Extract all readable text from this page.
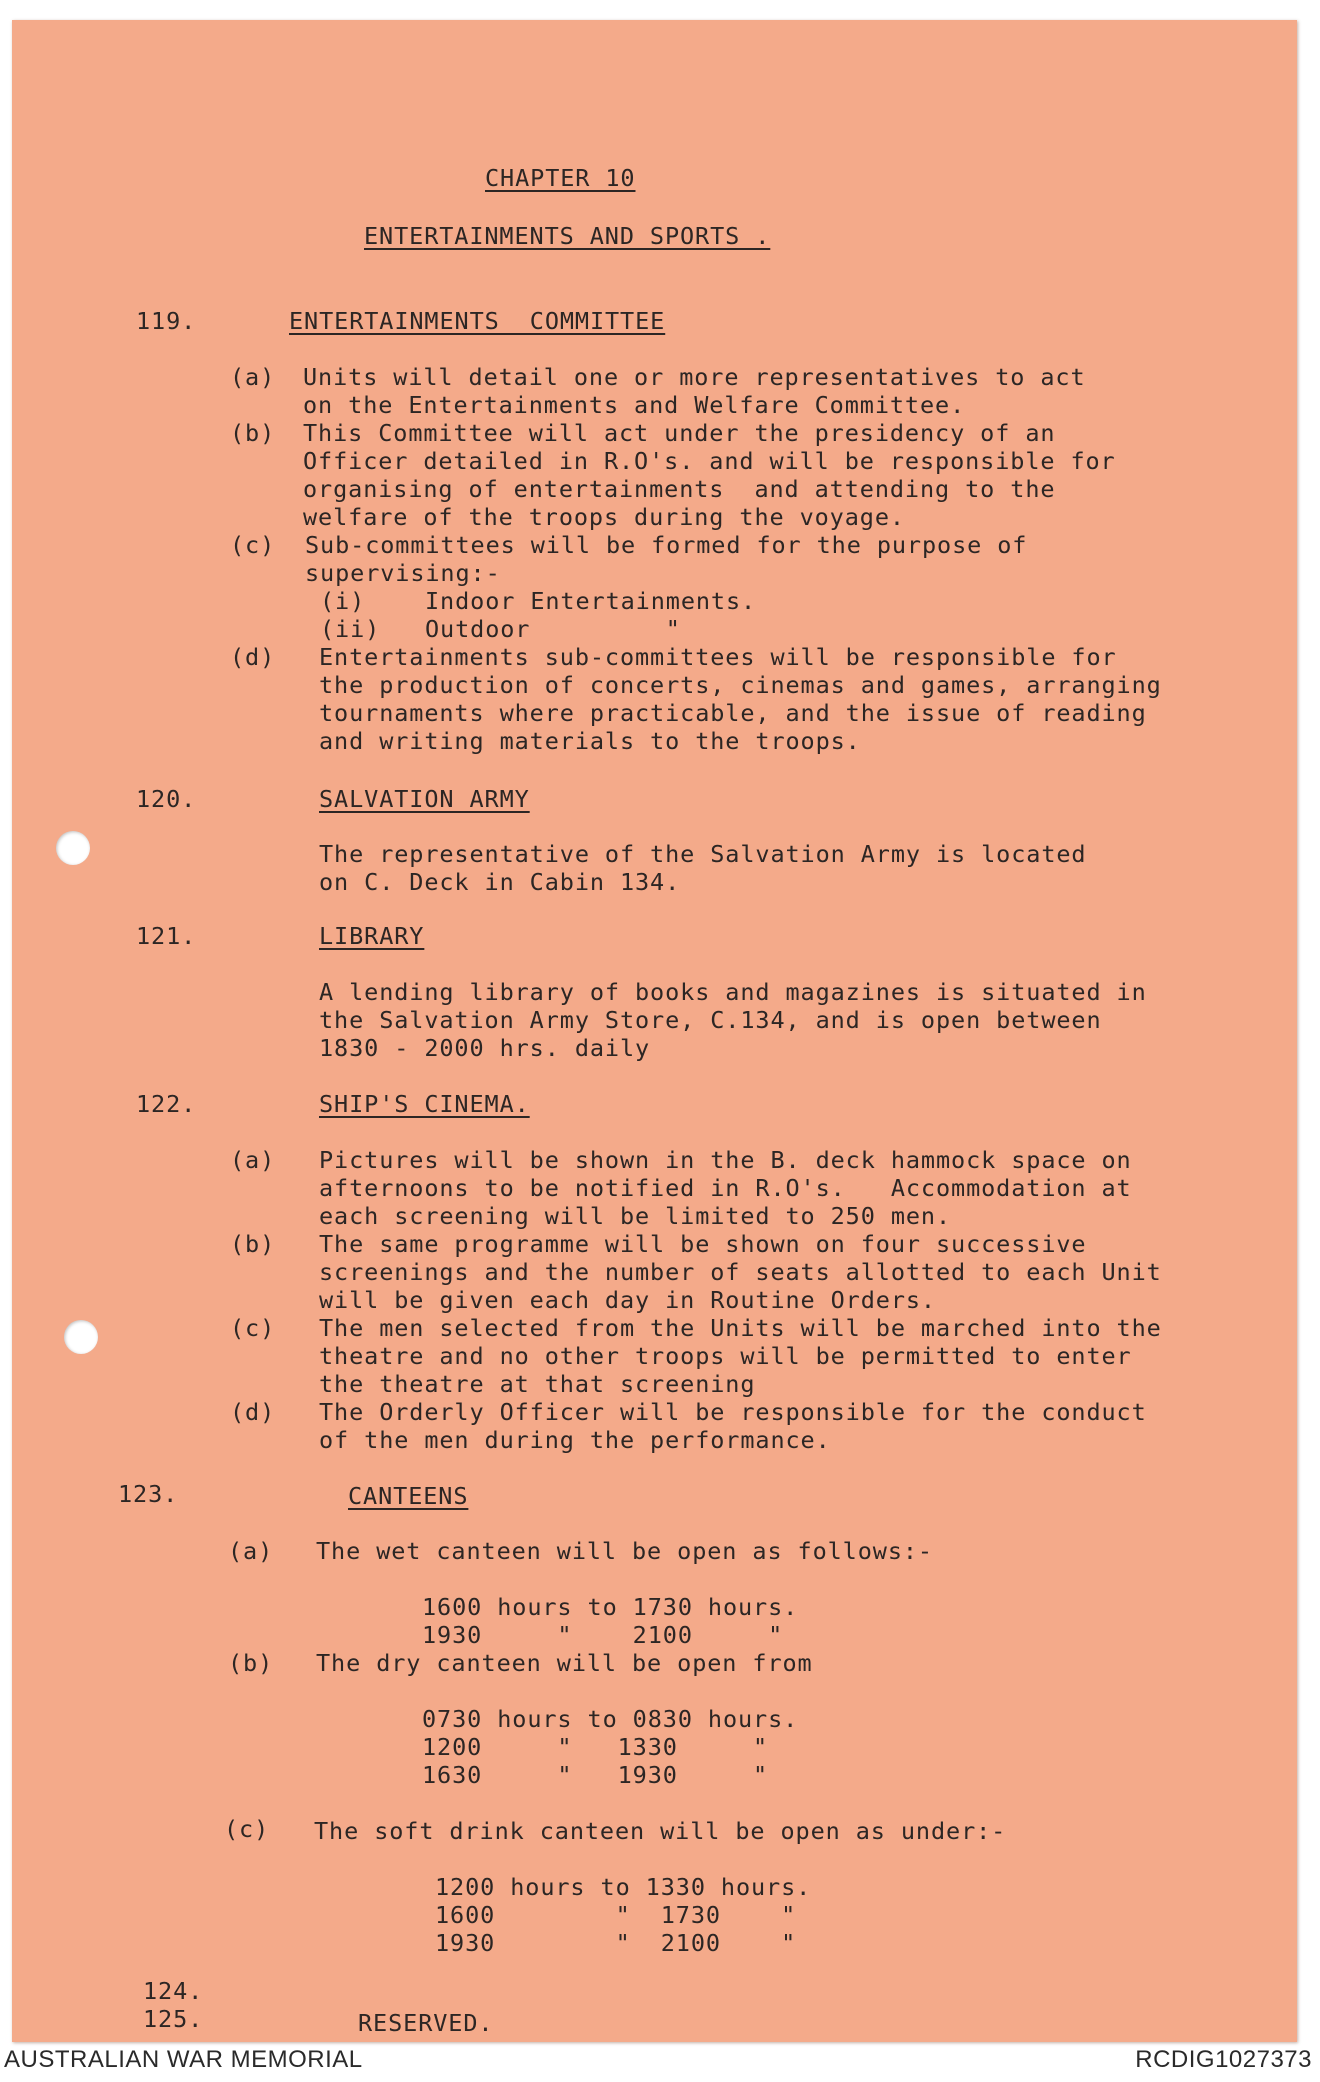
CHAPTER 10
ENTERTAINMENTS AND SPORTS .
119.	ENTERTAINMENTS  COMMITTEE
(a) Units will detail one or more representatives to act
on the Entertainments and Welfare Committee.
(b) This Committee will act under the presidency of an
Officer detailed in R.O's. and will be responsible for
organising of entertainments  and attending to the
welfare of the troops during the voyage.
(c) Sub-committees will be formed for the purpose of
supervising:-
(i)	Indoor Entertainments.
(ii) Outdoor         "
(d) Entertainments sub-committees will be responsible for
the production of concerts, cinemas and games, arranging
tournaments where practicable, and the issue of reading
and writing materials to the troops.
120.	SALVATION ARMY
The representative of the Salvation Army is located
on C. Deck in Cabin 134.
121.	LIBRARY
A lending library of books and magazines is situated in
the Salvation Army Store, C.134, and is open between
1830 - 2000 hrs. daily
122.	SHIP'S CINEMA.
(a) Pictures will be shown in the B. deck hammock space on
afternoons to be notified in R.O's.   Accommodation at
each screening will be limited to 250 men.
(b) The same programme will be shown on four successive
screenings and the number of seats allotted to each Unit
will be given each day in Routine Orders.
(c) The men selected from the Units will be marched into the
theatre and no other troops will be permitted to enter
the theatre at that screening
(d) The Orderly Officer will be responsible for the conduct
of the men during the performance.
123.	CANTEENS
(a) The wet canteen will be open as follows:-
1600 hours to 1730 hours.
1930     "    2100     "
(b) The dry canteen will be open from
0730 hours to 0830 hours.
1200     "   1330     "
1630     "   1930     "
(c) The soft drink canteen will be open as under:-
1200 hours to 1330 hours.
1600        "  1730    "
1930        "  2100    "
124.
125.	RESERVED.
AUSTRALIAN WAR MEMORIAL	RCDIG1027373
